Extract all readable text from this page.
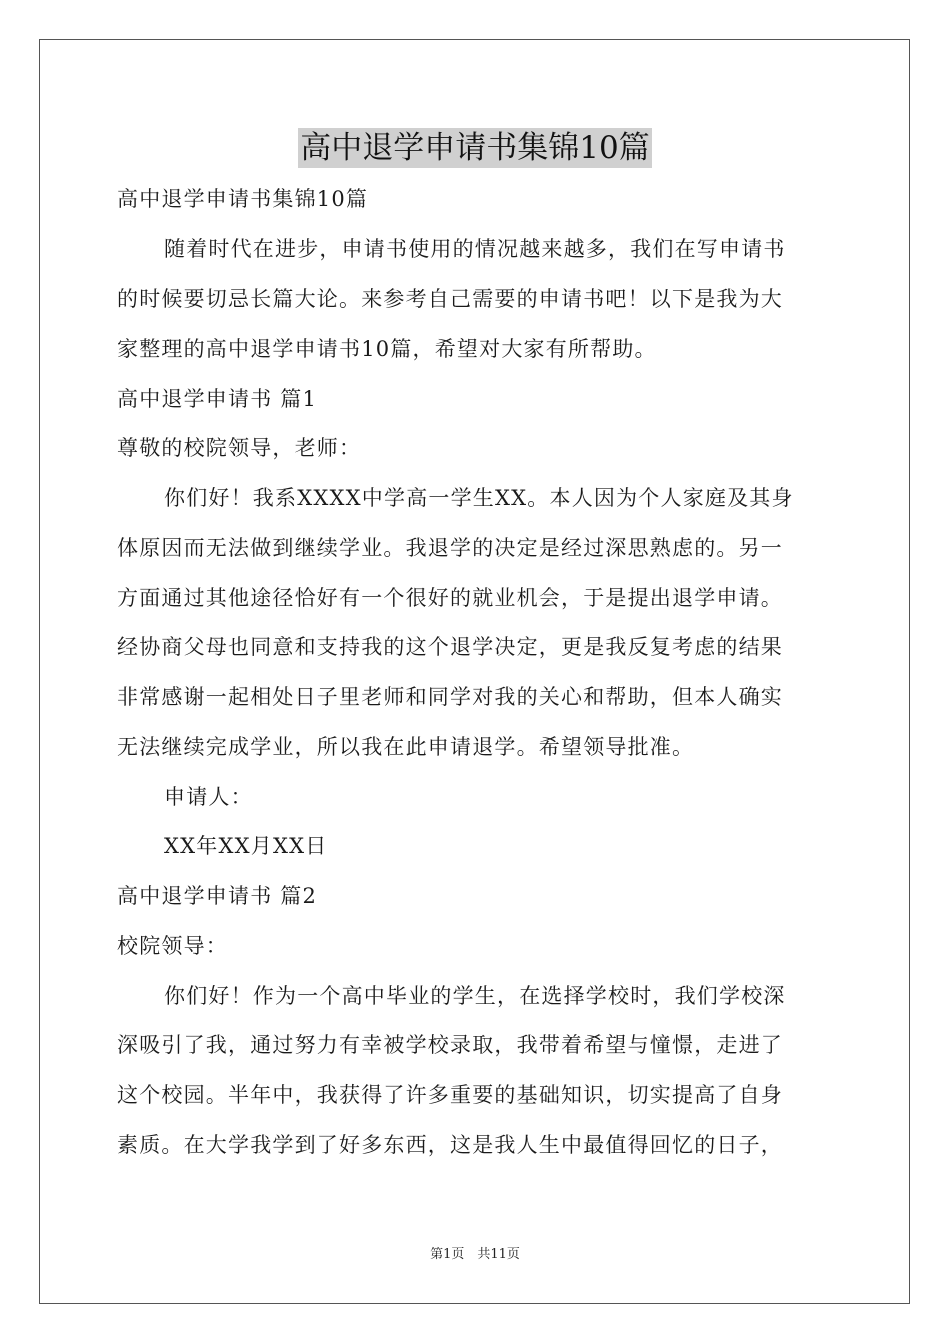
高中退学申请书集锦10篇
高中退学申请书集锦10篇
随着时代在进步，申请书使用的情况越来越多，我们在写申请书
的时候要切忌长篇大论。来参考自己需要的申请书吧！以下是我为大
家整理的高中退学申请书10篇，希望对大家有所帮助。
高中退学申请书 篇1
尊敬的校院领导，老师：
你们好！我系XXXX中学高一学生XX。本人因为个人家庭及其身
体原因而无法做到继续学业。我退学的决定是经过深思熟虑的。另一
方面通过其他途径恰好有一个很好的就业机会，于是提出退学申请。
经协商父母也同意和支持我的这个退学决定，更是我反复考虑的结果
非常感谢一起相处日子里老师和同学对我的关心和帮助，但本人确实
无法继续完成学业，所以我在此申请退学。希望领导批准。
申请人：
XX年XX月XX日
高中退学申请书 篇2
校院领导：
你们好！作为一个高中毕业的学生，在选择学校时，我们学校深
深吸引了我，通过努力有幸被学校录取，我带着希望与憧憬，走进了
这个校园。半年中，我获得了许多重要的基础知识，切实提高了自身
素质。在大学我学到了好多东西，这是我人生中最值得回忆的日子，
第1页　共11页
